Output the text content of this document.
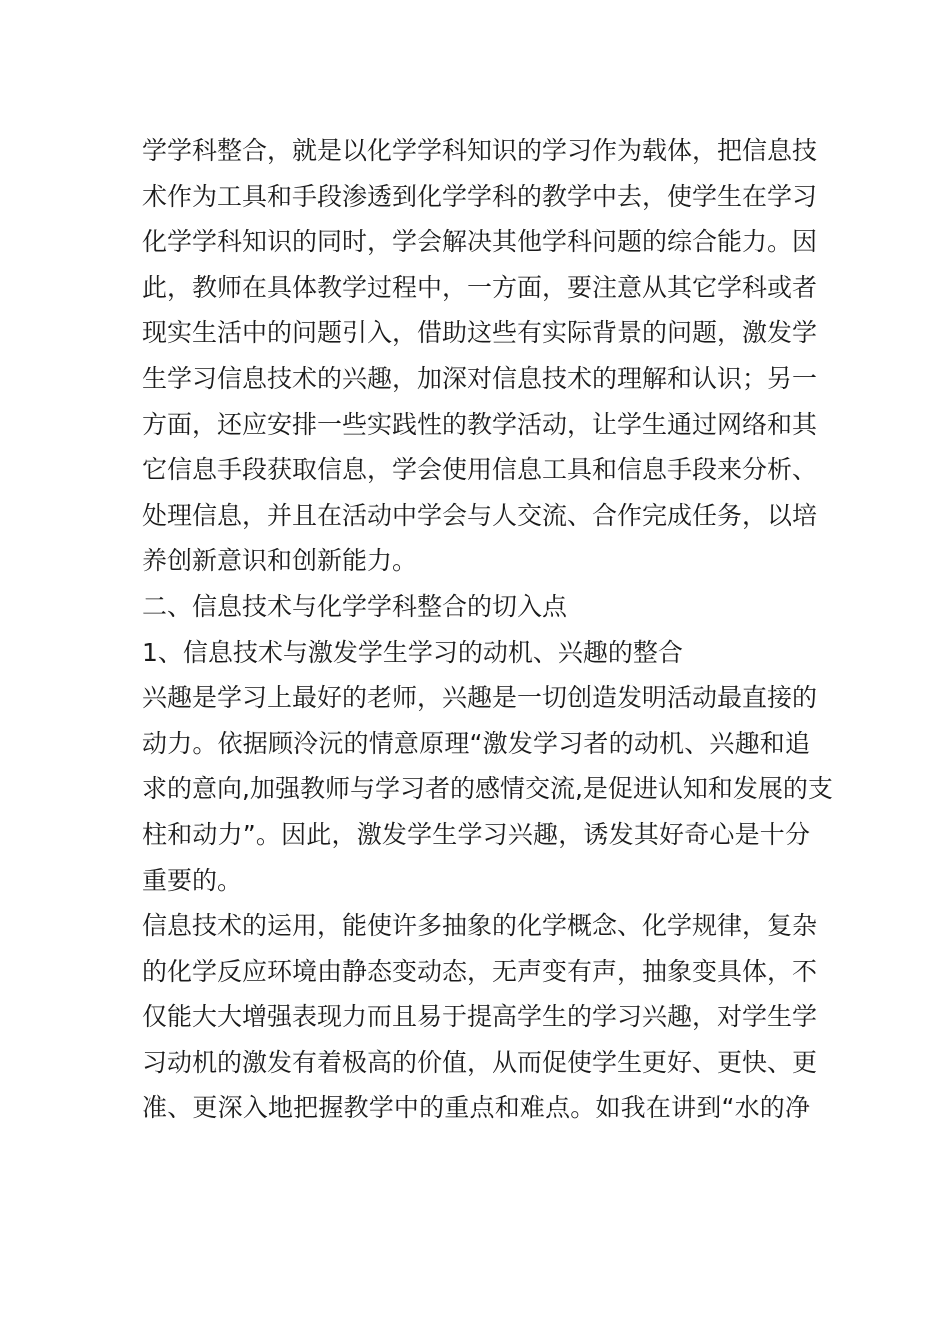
学学科整合，就是以化学学科知识的学习作为载体，把信息技
术作为工具和手段渗透到化学学科的教学中去，使学生在学习
化学学科知识的同时，学会解决其他学科问题的综合能力。因
此，教师在具体教学过程中，一方面，要注意从其它学科或者
现实生活中的问题引入，借助这些有实际背景的问题，激发学
生学习信息技术的兴趣，加深对信息技术的理解和认识；另一
方面，还应安排一些实践性的教学活动，让学生通过网络和其
它信息手段获取信息，学会使用信息工具和信息手段来分析、
处理信息，并且在活动中学会与人交流、合作完成任务，以培
养创新意识和创新能力。
二、信息技术与化学学科整合的切入点
1、信息技术与激发学生学习的动机、兴趣的整合
兴趣是学习上最好的老师，兴趣是一切创造发明活动最直接的
动力。依据顾泠沅的情意原理“激发学习者的动机、兴趣和追
求的意向,加强教师与学习者的感情交流,是促进认知和发展的支
柱和动力”。因此，激发学生学习兴趣，诱发其好奇心是十分
重要的。
信息技术的运用，能使许多抽象的化学概念、化学规律，复杂
的化学反应环境由静态变动态，无声变有声，抽象变具体，不
仅能大大增强表现力而且易于提高学生的学习兴趣，对学生学
习动机的激发有着极高的价值，从而促使学生更好、更快、更
准、更深入地把握教学中的重点和难点。如我在讲到“水的净
